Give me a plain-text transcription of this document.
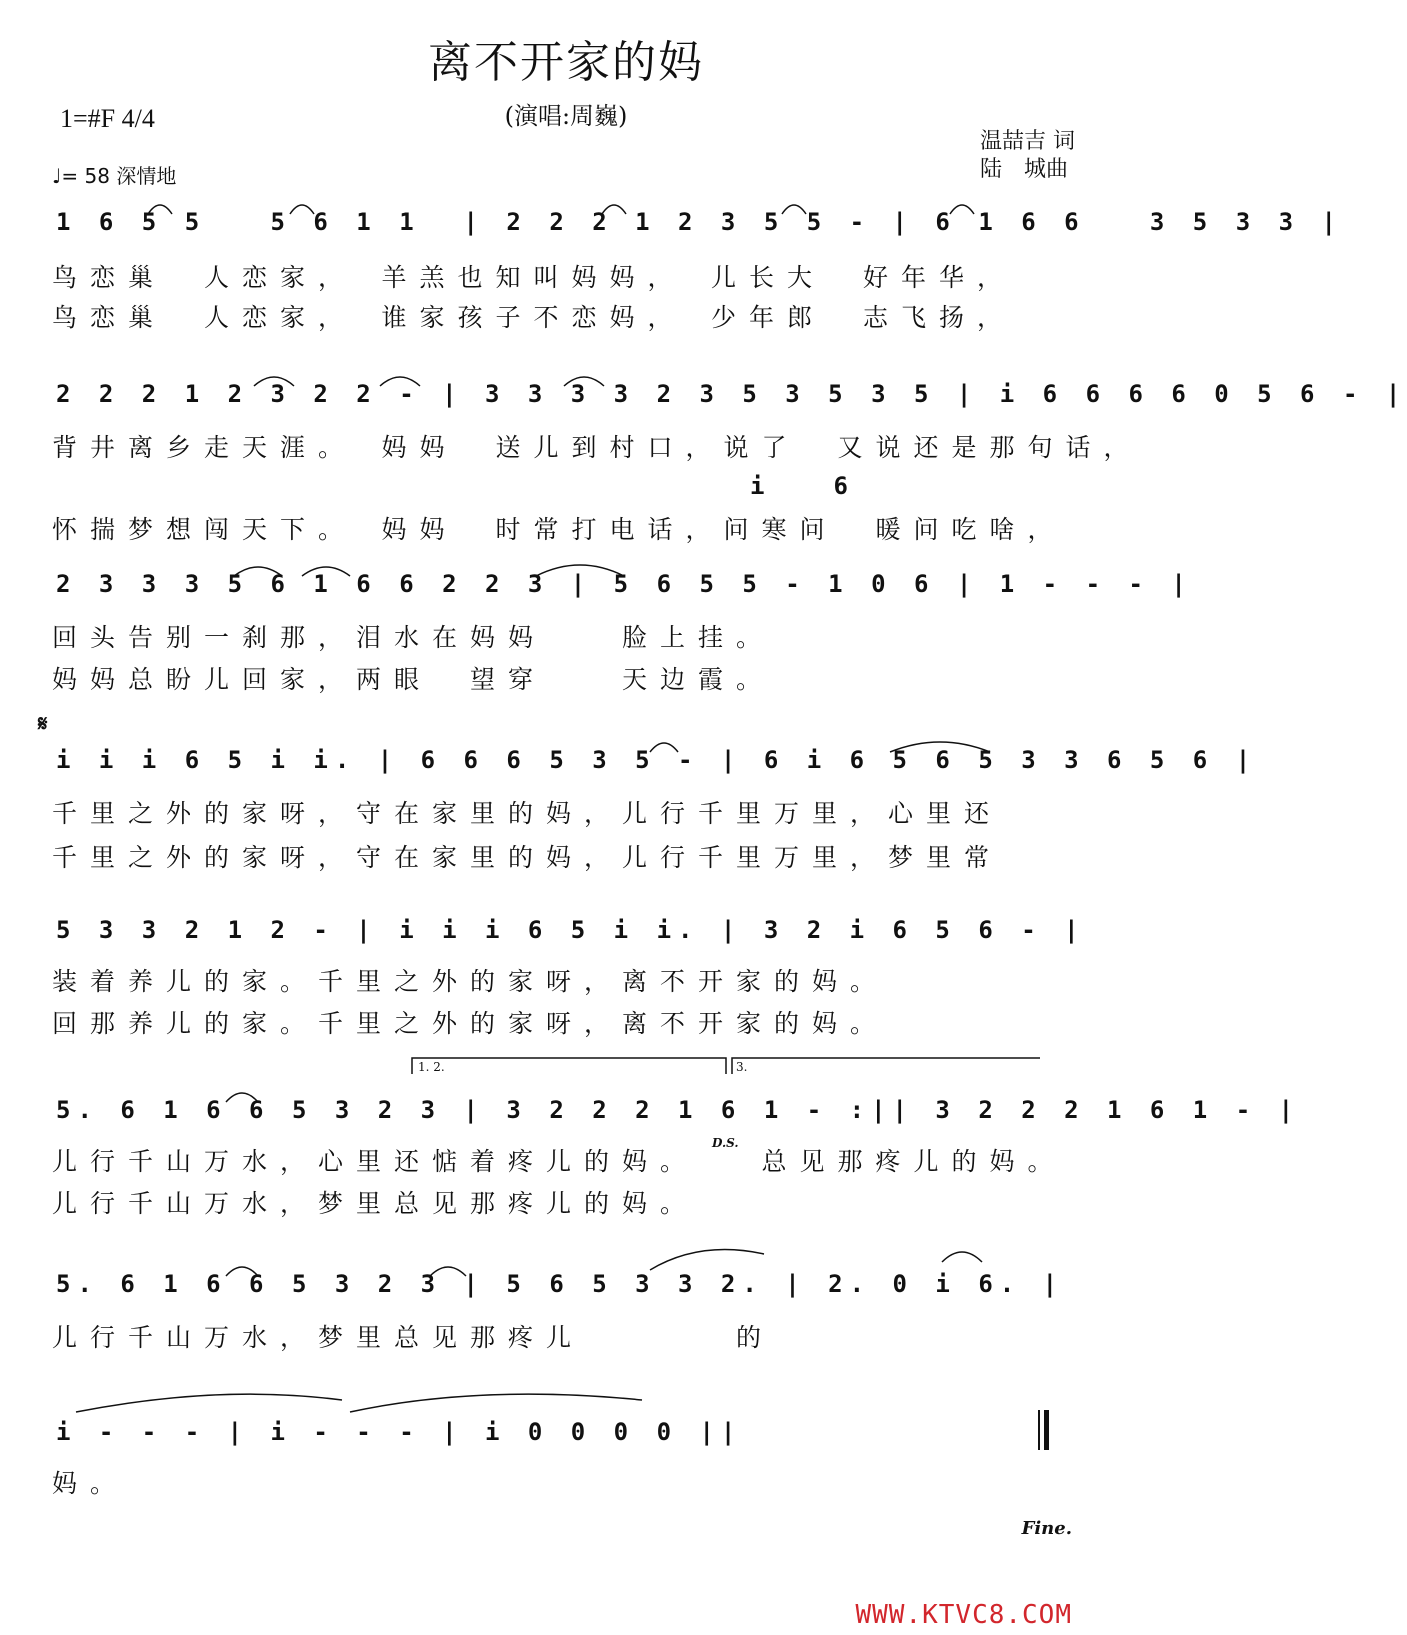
离不开家的妈
(演唱:周巍)
1=#F 4/4
♩= 58 深情地
温喆吉 词
陆　城曲
1 6 5 5   5 6 1 1  | 2 2 2 1 2 3 5 5 - | 6 1 6 6   3 5 3 3 |
鸟恋巢　人恋家，　羊羔也知叫妈妈，　儿长大　好年华，
鸟恋巢　人恋家，　谁家孩子不恋妈，　少年郎　志飞扬，
2 2 2 1 2 3 2 2 - | 3 3 3 3 2 3 5 3 5 3 5 | i 6 6 6 6 0 5 6 - |
背井离乡走天涯。　妈妈　送儿到村口，说了　又说还是那句话，
i　　6
怀揣梦想闯天下。　妈妈　时常打电话，问寒问　暖问吃啥，
2 3 3 3 5 6 1 6 6 2 2 3 | 5 6 5 5 - 1 0 6 | 1 - - - |
回头告别一刹那，泪水在妈妈　　脸上挂。
妈妈总盼儿回家，两眼　望穿　　天边霞。
𝄋
i i i 6 5 i i. | 6 6 6 5 3 5 - | 6 i 6 5 6 5 3 3 6 5 6 |
千里之外的家呀，守在家里的妈，儿行千里万里，心里还
千里之外的家呀，守在家里的妈，儿行千里万里，梦里常
5 3 3 2 1 2 - | i i i 6 5 i i. | 3 2 i 6 5 6 - |
装着养儿的家。千里之外的家呀，离不开家的妈。
回那养儿的家。千里之外的家呀，离不开家的妈。
1. 2.	3.
5. 6 1 6 6 5 3 2 3 | 3 2 2 2 1 6 1 - :|| 3 2 2 2 1 6 1 - |
儿行千山万水，心里还惦着疼儿的妈。　　总见那疼儿的妈。
D.S.
儿行千山万水，梦里总见那疼儿的妈。
5. 6 1 6 6 5 3 2 3 | 5 6 5 3 3 2. | 2. 0 i 6. |
儿行千山万水，梦里总见那疼儿　　　　的
i - - - | i - - - | i 0 0 0 0 ||
妈。
Fine.
WWW.KTVC8.COM
